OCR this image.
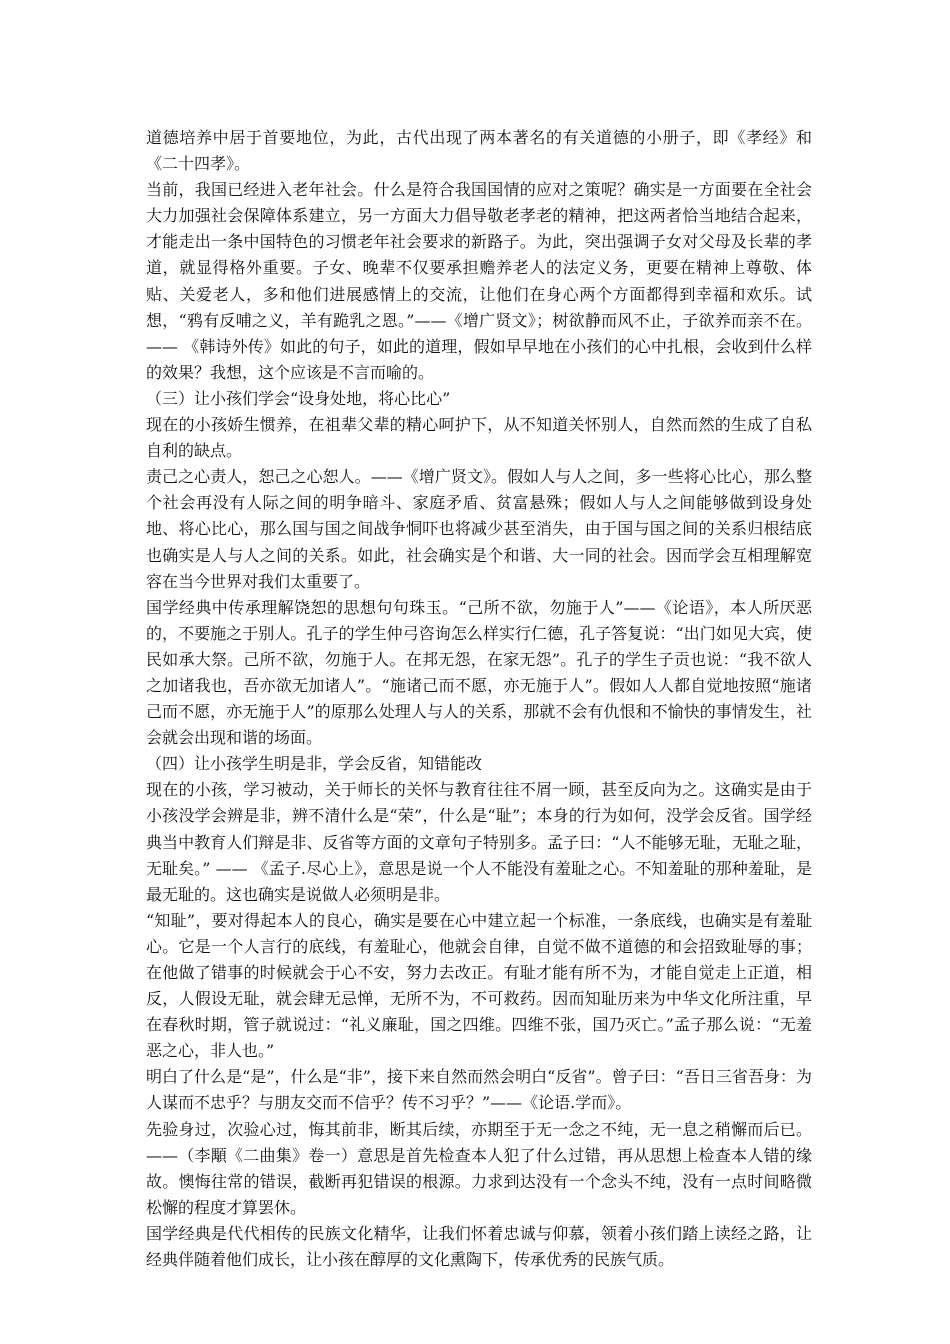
道德培养中居于首要地位，为此，古代出现了两本著名的有关道德的小册子，即《孝经》和《二十四孝》。

当前，我国已经进入老年社会。什么是符合我国国情的应对之策呢？确实是一方面要在全社会大力加强社会保障体系建立，另一方面大力倡导敬老孝老的精神，把这两者恰当地结合起来，才能走出一条中国特色的习惯老年社会要求的新路子。为此，突出强调子女对父母及长辈的孝道，就显得格外重要。子女、晚辈不仅要承担赡养老人的法定义务，更要在精神上尊敬、体贴、关爱老人，多和他们进展感情上的交流，让他们在身心两个方面都得到幸福和欢乐。试想，“鸦有反哺之义，羊有跪乳之恩。”——《增广贤文》；树欲静而风不止，子欲养而亲不在。—— 《韩诗外传》如此的句子，如此的道理，假如早早地在小孩们的心中扎根，会收到什么样的效果？我想，这个应该是不言而喻的。

（三）让小孩们学会“设身处地，将心比心”

现在的小孩娇生惯养，在祖辈父辈的精心呵护下，从不知道关怀别人，自然而然的生成了自私自利的缺点。

责己之心责人，恕己之心恕人。——《增广贤文》。假如人与人之间，多一些将心比心，那么整个社会再没有人际之间的明争暗斗、家庭矛盾、贫富悬殊；假如人与人之间能够做到设身处地、将心比心，那么国与国之间战争恫吓也将减少甚至消失，由于国与国之间的关系归根结底也确实是人与人之间的关系。如此，社会确实是个和谐、大一同的社会。因而学会互相理解宽容在当今世界对我们太重要了。

国学经典中传承理解饶恕的思想句句珠玉。“己所不欲，勿施于人”——《论语》，本人所厌恶的，不要施之于别人。孔子的学生仲弓咨询怎么样实行仁德，孔子答复说：“出门如见大宾，使民如承大祭。己所不欲，勿施于人。在邦无怨，在家无怨”。孔子的学生子贡也说：“我不欲人之加诸我也，吾亦欲无加诸人”。“施诸己而不愿，亦无施于人”。假如人人都自觉地按照“施诸己而不愿，亦无施于人”的原那么处理人与人的关系，那就不会有仇恨和不愉快的事情发生，社会就会出现和谐的场面。

（四）让小孩学生明是非，学会反省，知错能改

现在的小孩，学习被动，关于师长的关怀与教育往往不屑一顾，甚至反向为之。这确实是由于小孩没学会辨是非，辨不清什么是“荣”，什么是“耻”；本身的行为如何，没学会反省。国学经典当中教育人们辩是非、反省等方面的文章句子特别多。孟子曰：“人不能够无耻，无耻之耻，无耻矣。” —— 《孟子.尽心上》，意思是说一个人不能没有羞耻之心。不知羞耻的那种羞耻，是最无耻的。这也确实是说做人必须明是非。

“知耻”，要对得起本人的良心，确实是要在心中建立起一个标准，一条底线，也确实是有羞耻心。它是一个人言行的底线，有羞耻心，他就会自律，自觉不做不道德的和会招致耻辱的事；在他做了错事的时候就会于心不安，努力去改正。有耻才能有所不为，才能自觉走上正道，相反，人假设无耻，就会肆无忌惮，无所不为，不可救药。因而知耻历来为中华文化所注重，早在春秋时期，管子就说过：“礼义廉耻，国之四维。四维不张，国乃灭亡。”孟子那么说：“无羞恶之心，非人也。”

明白了什么是“是”，什么是“非”，接下来自然而然会明白“反省”。曾子曰：“吾日三省吾身：为人谋而不忠乎？与朋友交而不信乎？传不习乎？”——《论语.学而》。

先验身过，次验心过，悔其前非，断其后续，亦期至于无一念之不纯，无一息之稍懈而后已。——（李顒《二曲集》卷一）意思是首先检查本人犯了什么过错，再从思想上检查本人错的缘故。懊悔往常的错误，截断再犯错误的根源。力求到达没有一个念头不纯，没有一点时间略微松懈的程度才算罢休。

国学经典是代代相传的民族文化精华，让我们怀着忠诚与仰慕，领着小孩们踏上读经之路，让经典伴随着他们成长，让小孩在醇厚的文化熏陶下，传承优秀的民族气质。
